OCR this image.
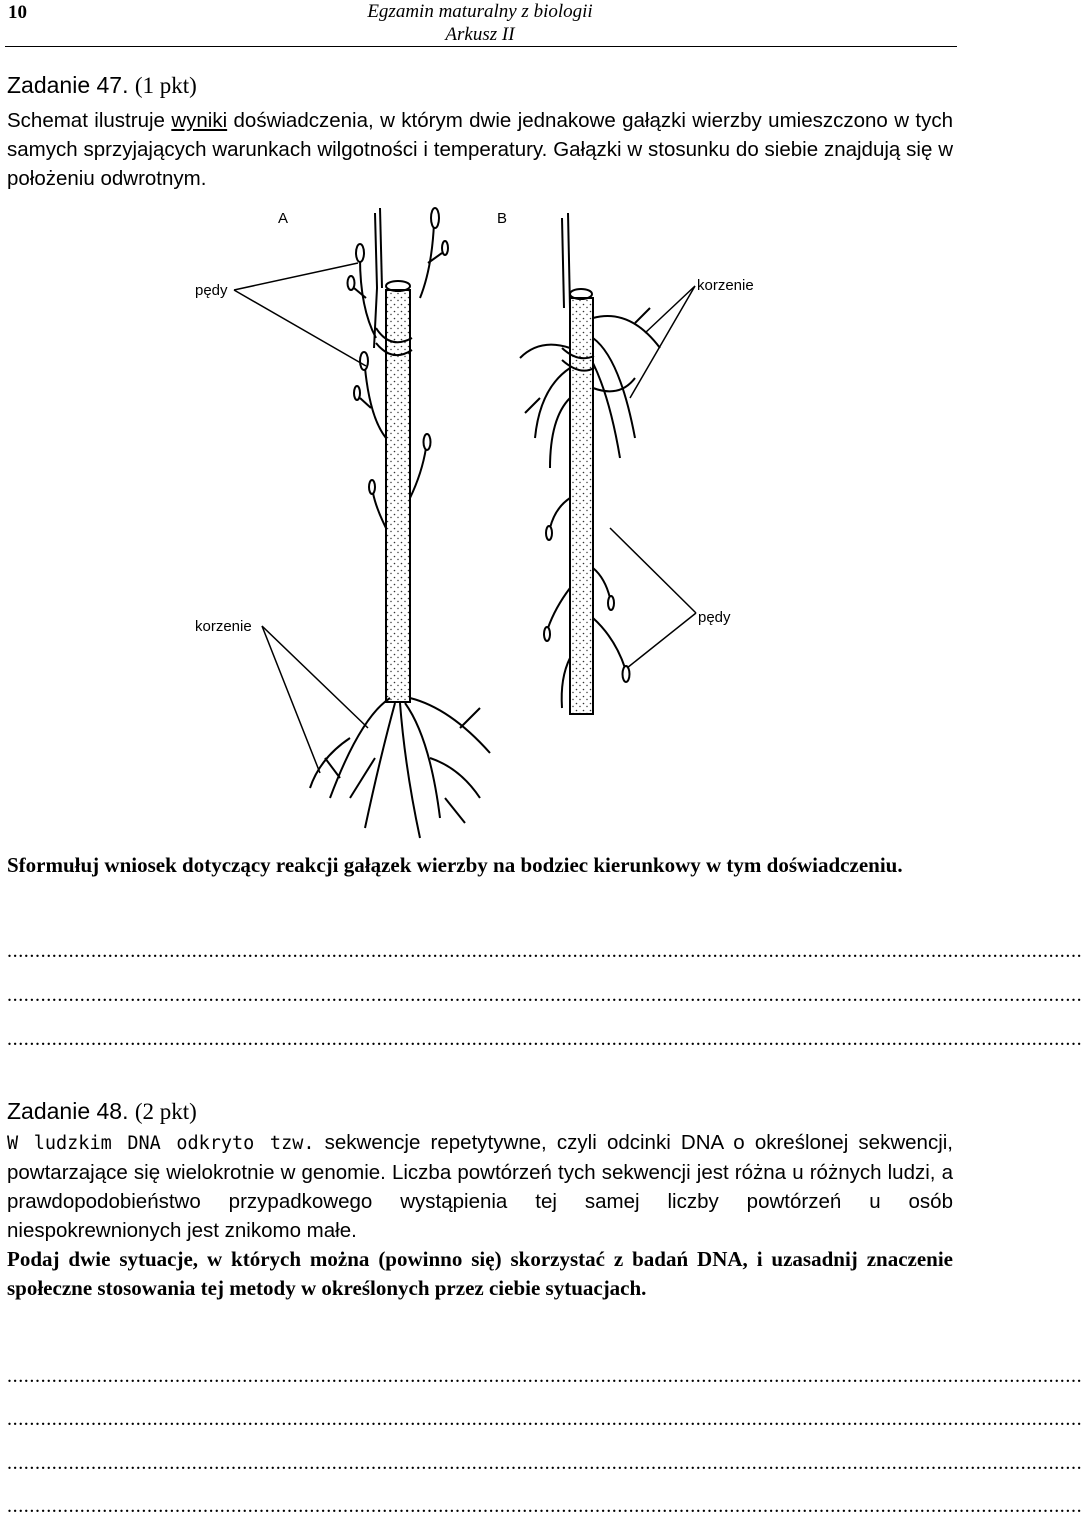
10	Egzamin maturalny z biologii
Arkusz II
Zadanie 47. (1 pkt)
Schemat ilustruje wyniki doświadczenia, w którym dwie jednakowe gałązki wierzby umieszczono w tych samych sprzyjających warunkach wilgotności i temperatury. Gałązki w stosunku do siebie znajdują się w położeniu odwrotnym.
A	B
pędy
korzenie
korzenie
pędy
Sformułuj wniosek dotyczący reakcji gałązek wierzby na bodziec kierunkowy w tym doświadczeniu.
................................................................................................................................................................................................
................................................................................................................................................................................................
................................................................................................................................................................................................
Zadanie 48. (2 pkt)
W ludzkim DNA odkryto tzw. sekwencje repetytywne, czyli odcinki DNA o określonej sekwencji, powtarzające się wielokrotnie w genomie. Liczba powtórzeń tych sekwencji jest różna u różnych ludzi, a prawdopodobieństwo przypadkowego wystąpienia tej samej liczby powtórzeń u osób niespokrewnionych jest znikomo małe.
Podaj dwie sytuacje, w których można (powinno się) skorzystać z badań DNA, i uzasadnij znaczenie społeczne stosowania tej metody w określonych przez ciebie sytuacjach.
................................................................................................................................................................................................
................................................................................................................................................................................................
................................................................................................................................................................................................
................................................................................................................................................................................................
